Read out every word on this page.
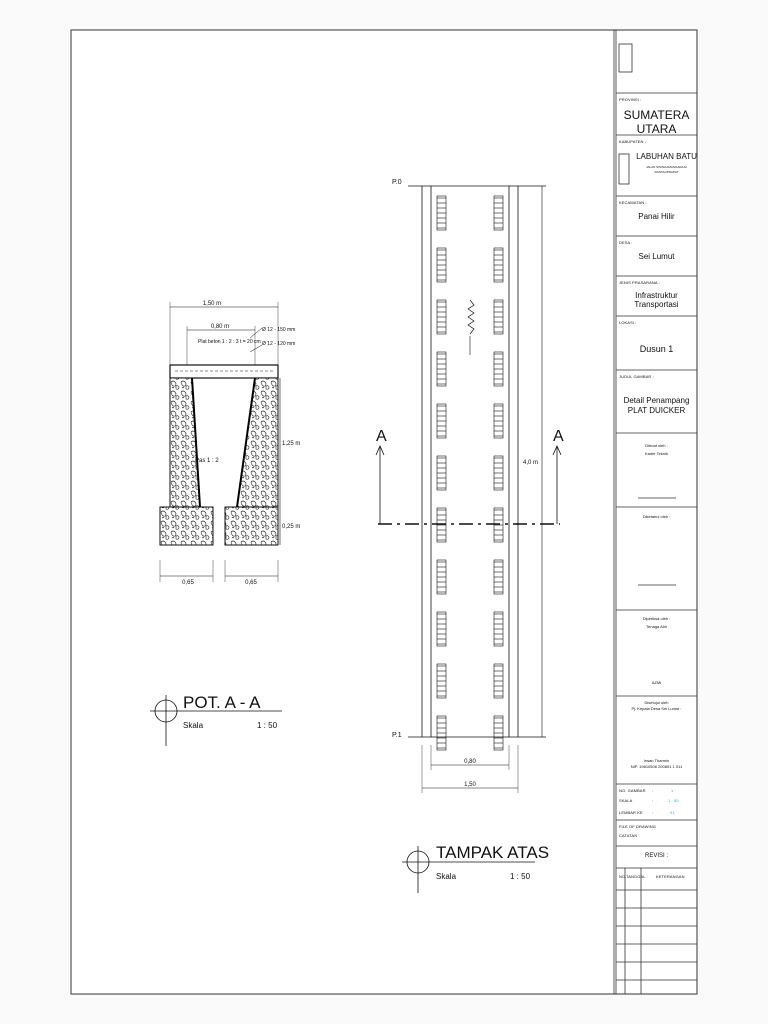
1,50 m
0,80 m
Plat beton 1 : 2 : 3 t = 20 cm
Ø 12 - 150 mm
Ø 12 - 120 mm
1,25 m
0,25 m
Pas 1 : 2
0,65	0,65
POT. A - A
Skala	1 : 50
P.0
P.1
A	A
4,0 m
0,80
1,50
TAMPAK ATAS
Skala	1 : 50
PROVINSI :
SUMATERA UTARA
KABUPATEN :
LABUHAN BATU
JALAN SISINGAMANGARAJA
RANTAUPRAPAT
KECAMATAN :
Panai Hilir
DESA :
Sei Lumut
JENIS PRASARANA :
Infrastruktur Transportasi
LOKASI :
Dusun 1
JUDUL GAMBAR :
Detail Penampang
PLAT DUICKER
Dibuat oleh :
Kader Teknik
Diketahui oleh :
Diperiksa oleh :
Tenaga Ahli
AZMI
Disetujui oleh
Pj. Kepala Desa Sei Lumut :
Irwan Tharmin
NIP. 19810506 200801 1 011
NO. GAMBAR :	1
SKALA	:	1 : 50
LEMBAR KE :	01
FILE OF DRAWING
CATATAN
REVISI :
NO. TANGGAL	KETERANGAN
